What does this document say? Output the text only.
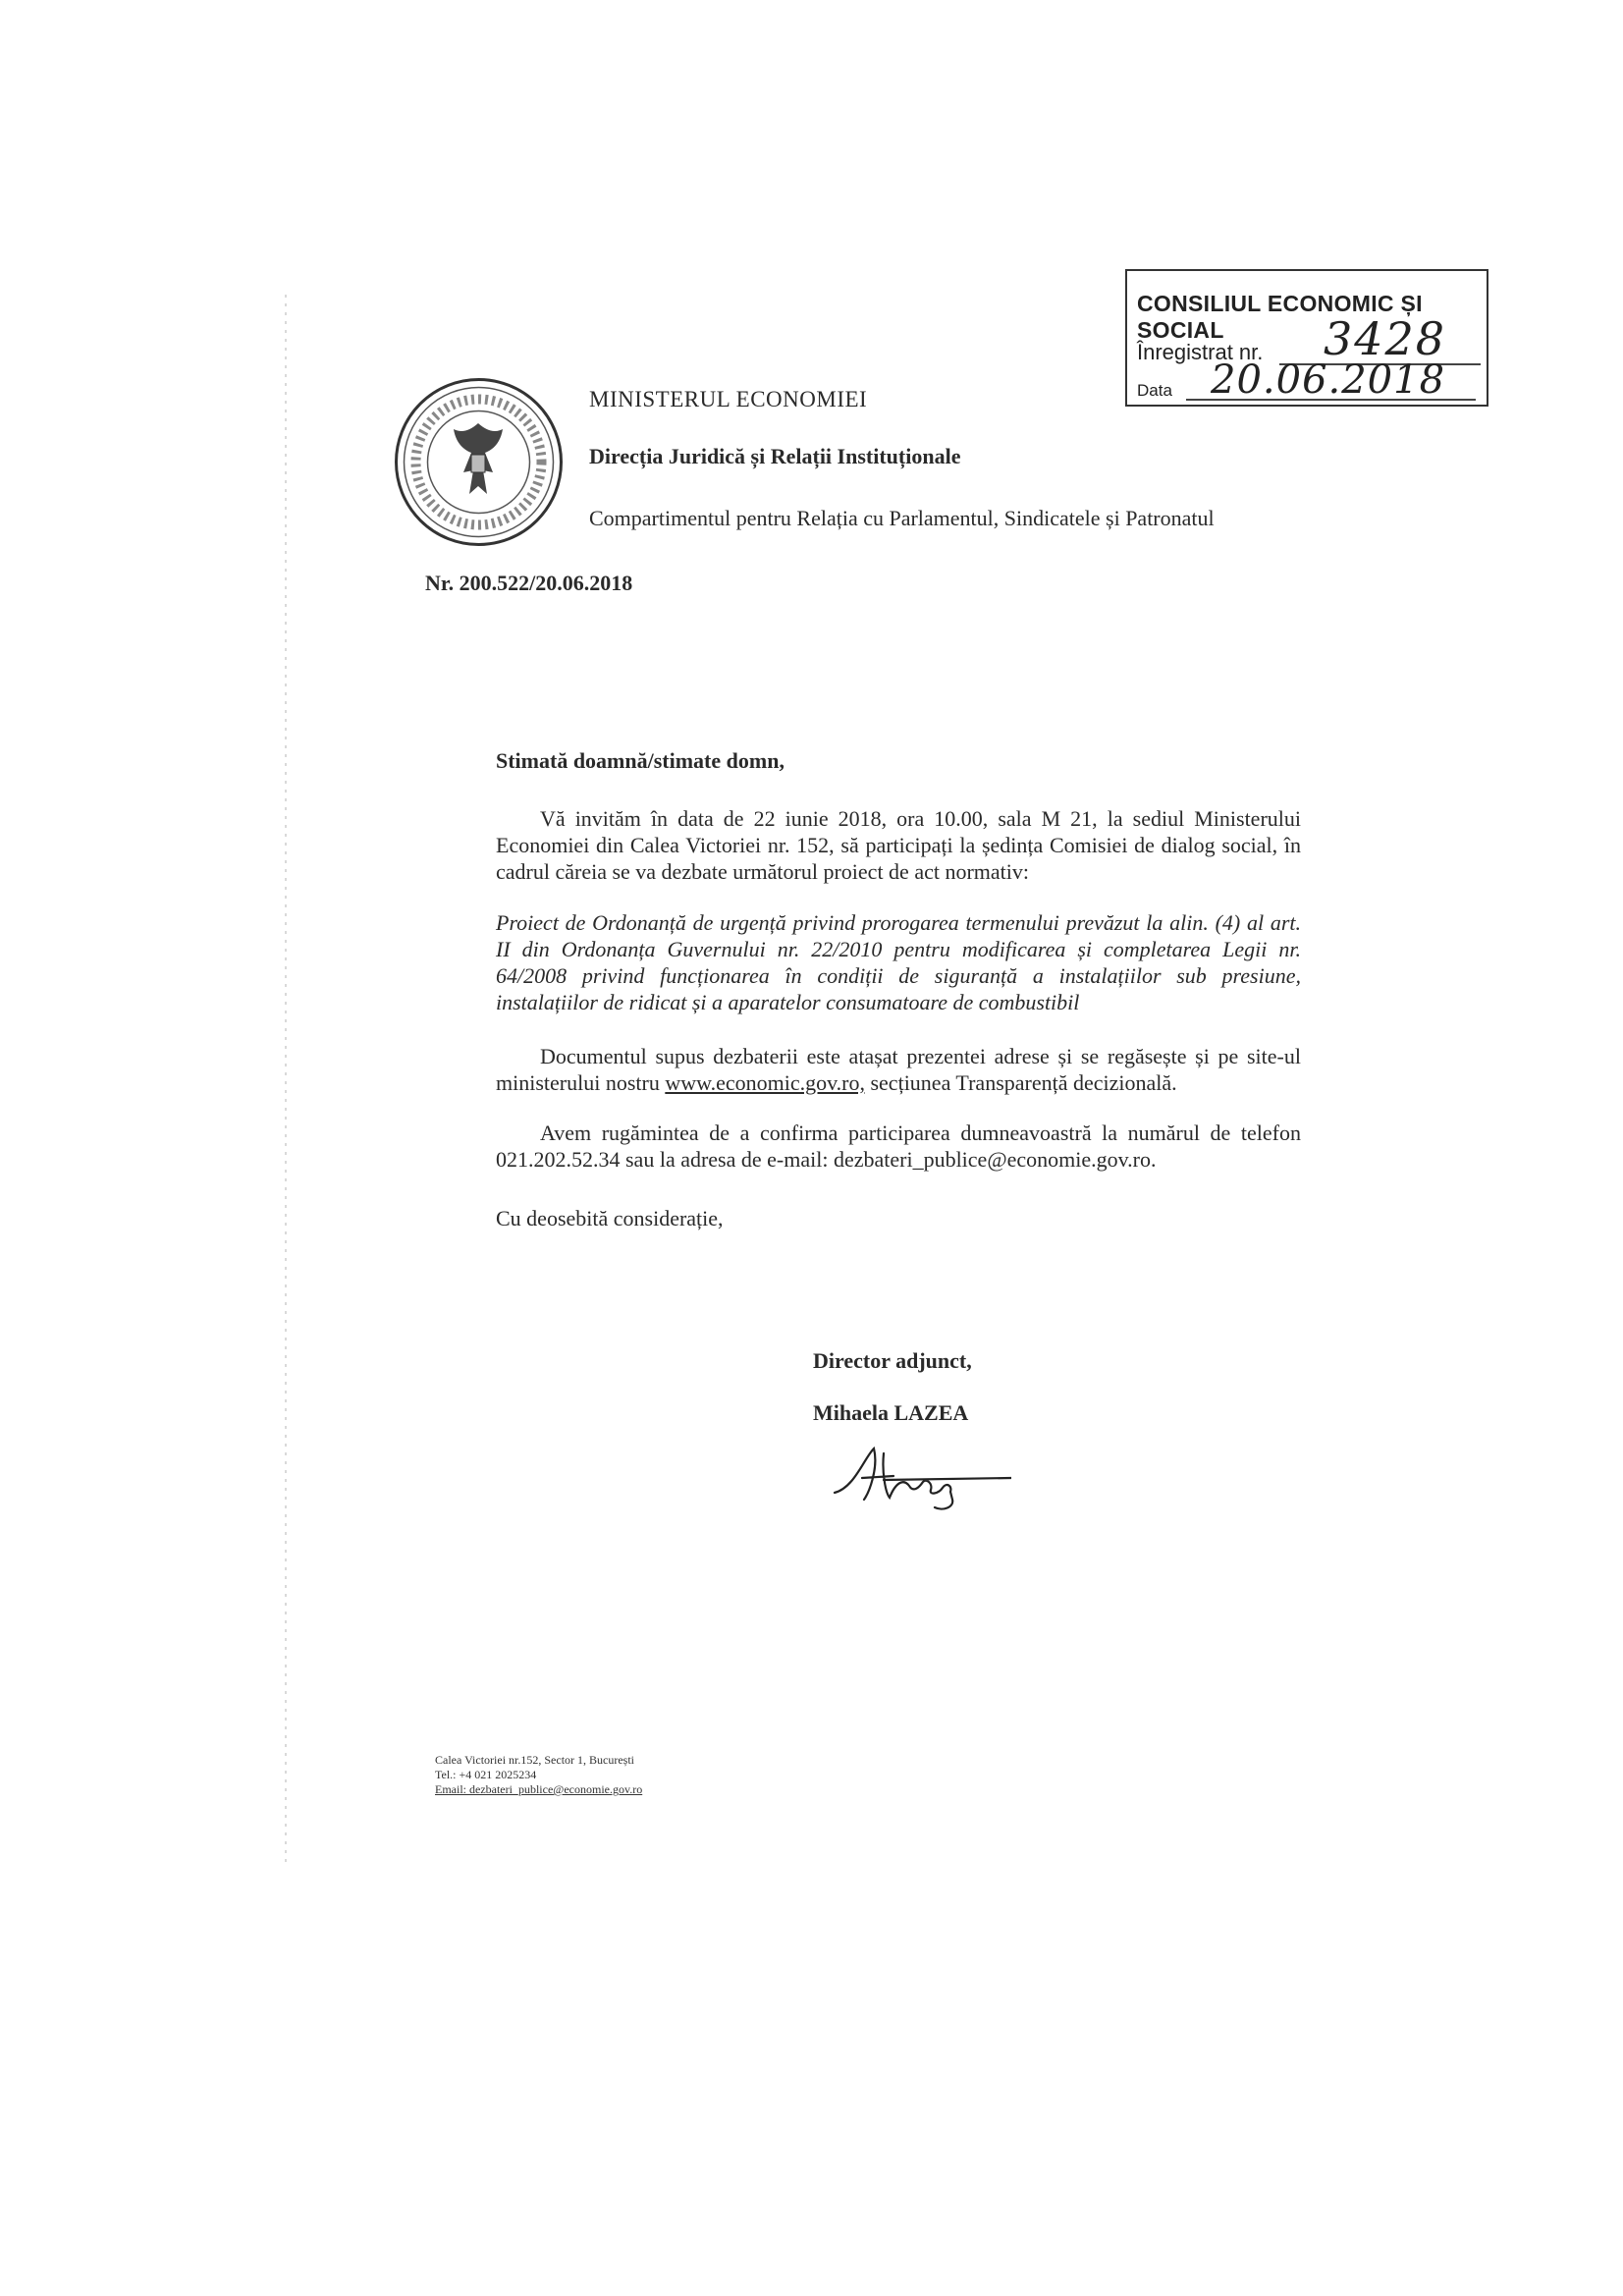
CONSILIUL ECONOMIC ȘI SOCIAL
Înregistrat nr. 3428
Data 20.06.2018
MINISTERUL ECONOMIEI
Direcția Juridică și Relații Instituționale
Compartimentul pentru Relația cu Parlamentul, Sindicatele și Patronatul
Nr. 200.522/20.06.2018
Stimată doamnă/stimate domn,
Vă invităm în data de 22 iunie 2018, ora 10.00, sala M 21, la sediul Ministerului Economiei din Calea Victoriei nr. 152, să participați la ședința Comisiei de dialog social, în cadrul căreia se va dezbate următorul proiect de act normativ:
Proiect de Ordonanță de urgență privind prorogarea termenului prevăzut la alin. (4) al art. II din Ordonanța Guvernului nr. 22/2010 pentru modificarea și completarea Legii nr. 64/2008 privind funcționarea în condiții de siguranță a instalațiilor sub presiune, instalațiilor de ridicat și a aparatelor consumatoare de combustibil
Documentul supus dezbaterii este atașat prezentei adrese și se regăsește și pe site-ul ministerului nostru www.economic.gov.ro, secțiunea Transparență decizională.
Avem rugămintea de a confirma participarea dumneavoastră la numărul de telefon 021.202.52.34 sau la adresa de e-mail: dezbateri_publice@economie.gov.ro.
Cu deosebită considerație,
Director adjunct,
Mihaela LAZEA
Calea Victoriei nr.152, Sector 1, București
Tel.: +4 021 2025234
Email: dezbateri_publice@economie.gov.ro
